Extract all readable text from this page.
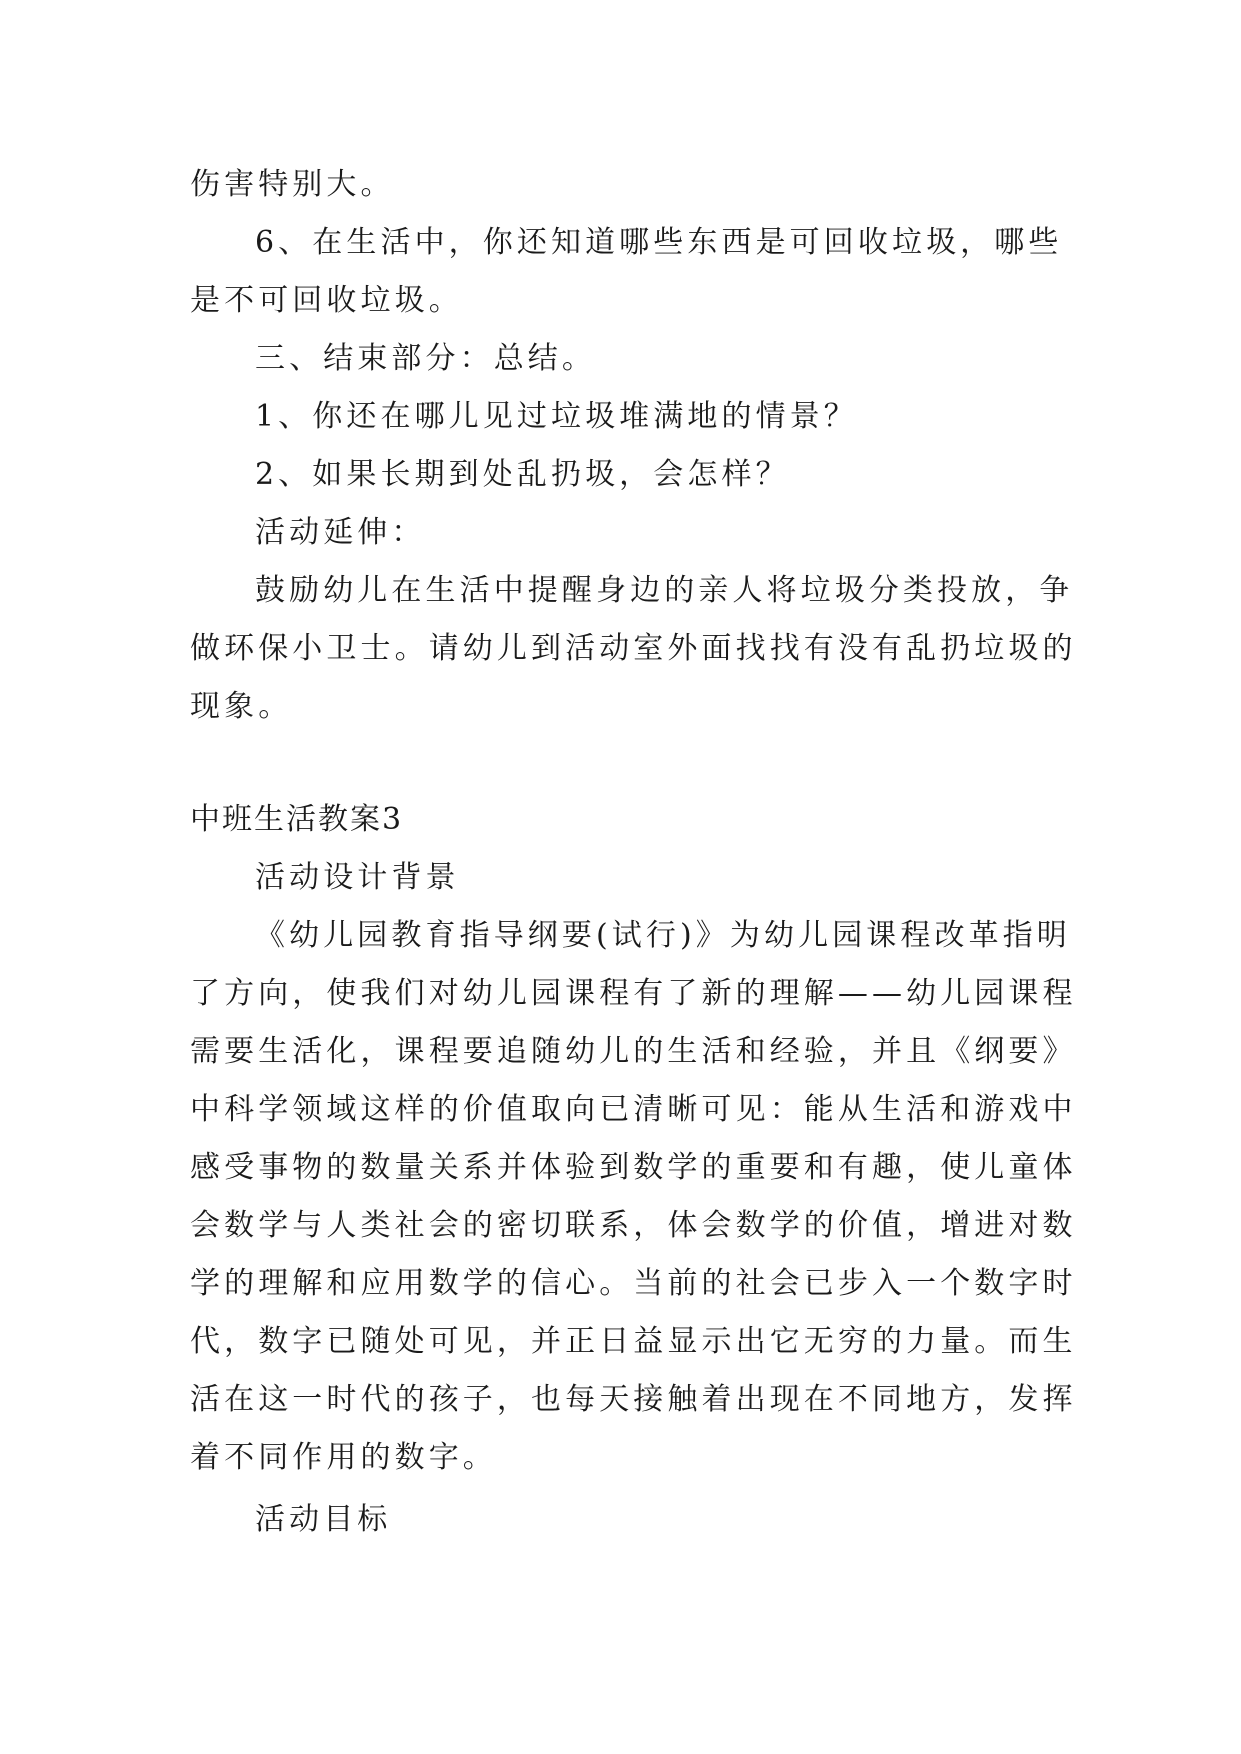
伤害特别大。
6、在生活中，你还知道哪些东西是可回收垃圾，哪些
是不可回收垃圾。
三、结束部分：总结。
1、你还在哪儿见过垃圾堆满地的情景？
2、如果长期到处乱扔圾，会怎样？
活动延伸：
鼓励幼儿在生活中提醒身边的亲人将垃圾分类投放，争
做环保小卫士。请幼儿到活动室外面找找有没有乱扔垃圾的
现象。
中班生活教案3
活动设计背景
《幼儿园教育指导纲要(试行)》为幼儿园课程改革指明
了方向，使我们对幼儿园课程有了新的理解——幼儿园课程
需要生活化，课程要追随幼儿的生活和经验，并且《纲要》
中科学领域这样的价值取向已清晰可见：能从生活和游戏中
感受事物的数量关系并体验到数学的重要和有趣，使儿童体
会数学与人类社会的密切联系，体会数学的价值，增进对数
学的理解和应用数学的信心。当前的社会已步入一个数字时
代，数字已随处可见，并正日益显示出它无穷的力量。而生
活在这一时代的孩子，也每天接触着出现在不同地方，发挥
着不同作用的数字。
活动目标
